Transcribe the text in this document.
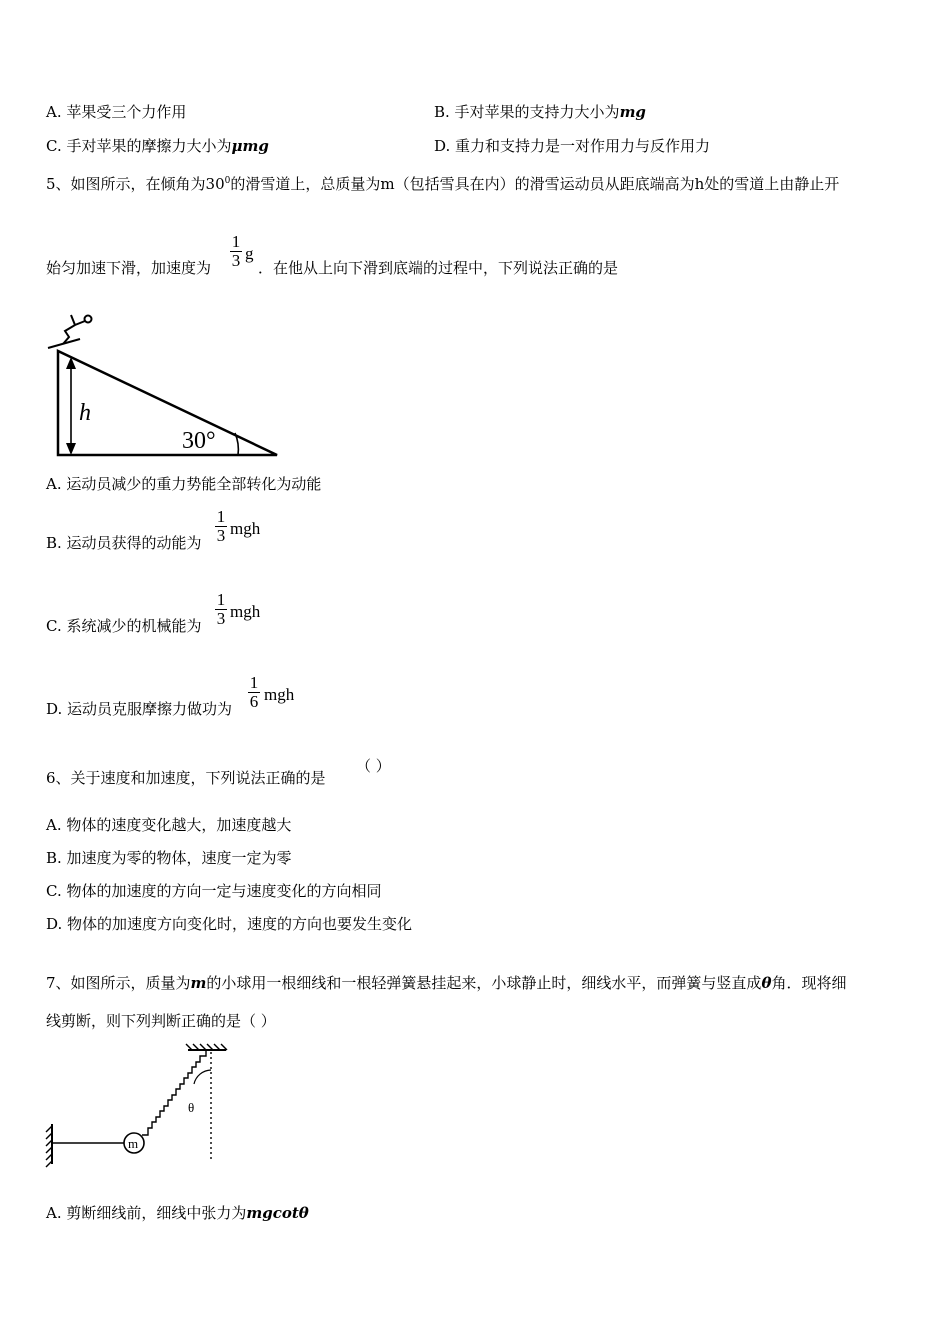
A. 苹果受三个力作用	B. 手对苹果的支持力大小为mg
C. 手对苹果的摩擦力大小为μmg	D. 重力和支持力是一对作用力与反作用力
5、如图所示，在倾角为$30^0$的滑雪道上，总质量为m（包括雪具在内）的滑雪运动员从距底端高为h处的雪道上由静止开
始匀加速下滑，加速度为
1
3 g
．在他从上向下滑到底端的过程中，下列说法正确的是
h
30°
A. 运动员减少的重力势能全部转化为动能
B. 运动员获得的动能为
1
3 mgh
C. 系统减少的机械能为
1
3 mgh
D. 运动员克服摩擦力做功为
1
6 mgh
6、关于速度和加速度，下列说法正确的是
（ ）
A. 物体的速度变化越大，加速度越大
B. 加速度为零的物体，速度一定为零
C. 物体的加速度的方向一定与速度变化的方向相同
D. 物体的加速度方向变化时，速度的方向也要发生变化
7、如图所示，质量为m的小球用一根细线和一根轻弹簧悬挂起来，小球静止时，细线水平，而弹簧与竖直成θ角．现将细
线剪断，则下列判断正确的是（ ）
m
θ
A. 剪断细线前，细线中张力为mgcotθ
